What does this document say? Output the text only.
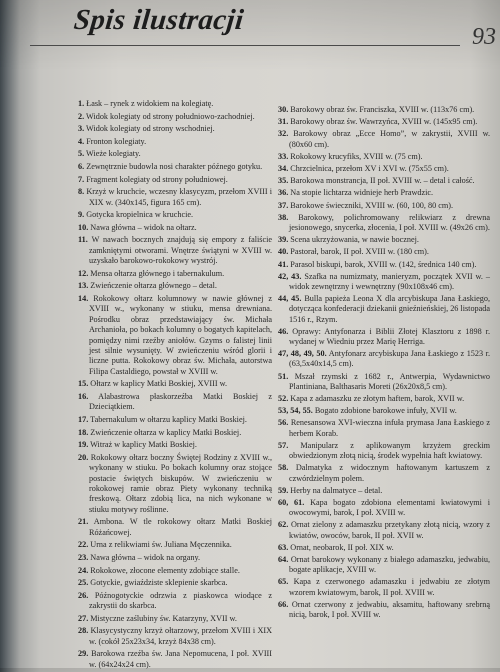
Spis ilustracji
93
1. Łask – rynek z widokiem na kolegiatę.
2. Widok kolegiaty od strony południowo-zachodniej.
3. Widok kolegiaty od strony wschodniej.
4. Fronton kolegiaty.
5. Wieże kolegiaty.
6. Zewnętrznie budowla nosi charakter późnego gotyku.
7. Fragment kolegiaty od strony południowej.
8. Krzyż w kruchcie, wczesny klasycyzm, przełom XVIII i XIX w. (340x145, figura 165 cm).
9. Gotycka kropielnica w kruchcie.
10. Nawa główna – widok na ołtarz.
11. W nawach bocznych znajdują się empory z faliście zamkniętymi otworami. Wnętrze świątyni w XVIII w. uzyskało barokowo-rokokowy wystrój.
12. Mensa ołtarza głównego i tabernakulum.
13. Zwieńczenie ołtarza głównego – detal.
14. Rokokowy ołtarz kolumnowy w nawie głównej z XVIII w., wykonany w stiuku, mensa drewniana. Pośrodku obraz przedstawiający św. Michała Archanioła, po bokach kolumny o bogatych kapitelach, pomiędzy nimi rzeźby aniołów. Gzyms o falistej linii jest silnie wysunięty. W zwieńczeniu wśród glorii i liczne putta. Rokokowy obraz św. Michała, autorstwa Filipa Castaldiego, powstał w XVIII w.
15. Ołtarz w kaplicy Matki Boskiej, XVIII w.
16. Alabastrowa płaskorzeźba Matki Boskiej z Dzieciątkiem.
17. Tabernakulum w ołtarzu kaplicy Matki Boskiej.
18. Zwieńczenie ołtarza w kaplicy Matki Boskiej.
19. Witraż w kaplicy Matki Boskiej.
20. Rokokowy ołtarz boczny Świętej Rodziny z XVIII w., wykonany w stiuku. Po bokach kolumny oraz stojące postacie świętych biskupów. W zwieńczeniu w rokokowej ramie obraz Piety wykonany techniką freskową. Ołtarz zdobią lica, na nich wykonane w stiuku motywy roślinne.
21. Ambona. W tle rokokowy ołtarz Matki Boskiej Różańcowej.
22. Urna z relikwiami św. Juliana Męczennika.
23. Nawa główna – widok na organy.
24. Rokokowe, złocone elementy zdobiące stalle.
25. Gotyckie, gwiaździste sklepienie skarbca.
26. Późnogotyckie odrzwia z piaskowca wiodące z zakrystii do skarbca.
27. Mistyczne zaślubiny św. Katarzyny, XVII w.
28. Klasycystyczny krzyż ołtarzowy, przełom XVIII i XIX w. (cokół 25x23x34, krzyż 84x38 cm).
29. Barokowa rzeźba św. Jana Nepomucena, I poł. XVIII w. (64x24x24 cm).
30. Barokowy obraz św. Franciszka, XVIII w. (113x76 cm).
31. Barokowy obraz św. Wawrzyńca, XVIII w. (145x95 cm).
32. Barokowy obraz „Ecce Homo”, w zakrystii, XVIII w. (80x60 cm).
33. Rokokowy krucyfiks, XVIII w. (75 cm).
34. Chrzcielnica, przełom XV i XVI w. (75x55 cm).
35. Barokowa monstrancja, II poł. XVIII w. – detal i całość.
36. Na stopie lichtarza widnieje herb Prawdzic.
37. Barokowe świeczniki, XVIII w. (60, 100, 80 cm).
38. Barokowy, polichromowany relikwiarz z drewna jesionowego, snycerka, złocenia, I poł. XVIII w. (49x26 cm).
39. Scena ukrzyżowania, w nawie bocznej.
40. Pastorał, barok, II poł. XVIII w. (180 cm).
41. Parasol biskupi, barok, XVIII w. (142, średnica 140 cm).
42, 43. Szafka na numizmaty, manieryzm, początek XVII w. – widok zewnętrzny i wewnętrzny (90x108x46 cm).
44, 45. Bulla papieża Leona X dla arcybiskupa Jana Łaskiego, dotycząca konfederacji dziekanii gnieźnieńskiej, 26 listopada 1516 r., Rzym.
46. Oprawy: Antyfonarza i Biblii Złotej Klasztoru z 1898 r. wydanej w Wiedniu przez Marię Herriga.
47, 48, 49, 50. Antyfonarz arcybiskupa Jana Łaskiego z 1523 r. (63,5x40x14,5 cm).
51. Mszał rzymski z 1682 r., Antwerpia, Wydawnictwo Plantiniana, Balthasaris Moreti (26x20x8,5 cm).
52. Kapa z adamaszku ze złotym haftem, barok, XVII w.
53, 54, 55. Bogato zdobione barokowe infuły, XVII w.
56. Renesansowa XVI-wieczna infuła prymasa Jana Łaskiego z herbem Korab.
57. Manipularz z aplikowanym krzyżem greckim obwiedzionym złotą nicią, środek wypełnia haft kwiatowy.
58. Dalmatyka z widocznym haftowanym kartuszem z czwórdzielnym polem.
59. Herby na dalmatyce – detal.
60, 61. Kapa bogato zdobiona elementami kwiatowymi i owocowymi, barok, I poł. XVIII w.
62. Ornat zielony z adamaszku przetykany złotą nicią, wzory z kwiatów, owoców, barok, II poł. XVII w.
63. Ornat, neobarok, II poł. XIX w.
64. Ornat barokowy wykonany z białego adamaszku, jedwabiu, bogate aplikacje, XVIII w.
65. Kapa z czerwonego adamaszku i jedwabiu ze złotym wzorem kwiatowym, barok, II poł. XVIII w.
66. Ornat czerwony z jedwabiu, aksamitu, haftowany srebrną nicią, barok, I poł. XVIII w.
